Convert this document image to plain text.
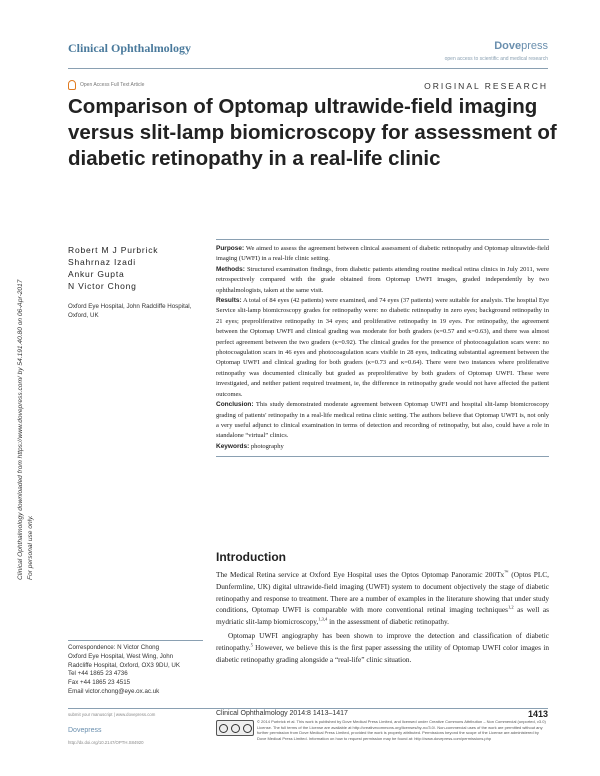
Clinical Ophthalmology	Dovepress
open access to scientific and medical research
Open Access Full Text Article	ORIGINAL RESEARCH
Comparison of Optomap ultrawide-field imaging versus slit-lamp biomicroscopy for assessment of diabetic retinopathy in a real-life clinic
Clinical Ophthalmology downloaded from https://www.dovepress.com/ by 54.191.40.80 on 06-Apr-2017 For personal use only.
Robert M J Purbrick
Shahrnaz Izadi
Ankur Gupta
N Victor Chong
Oxford Eye Hospital, John Radcliffe Hospital, Oxford, UK

Purpose: We aimed to assess the agreement between clinical assessment of diabetic retinopathy and Optomap ultrawide-field imaging (UWFI) in a real-life clinic setting.

Methods: Structured examination findings, from diabetic patients attending routine medical retina clinics in July 2011, were retrospectively compared with the grade obtained from Optomap UWFI images, graded independently by two ophthalmologists, taken at the same visit.

Results: A total of 84 eyes (42 patients) were examined, and 74 eyes (37 patients) were suitable for analysis. The hospital Eye Service slit-lamp biomicroscopy grades for retinopathy were: no diabetic retinopathy in zero eyes; background retinopathy in 21 eyes; preproliferative retinopathy in 34 eyes; and proliferative retinopathy in 19 eyes. For retinopathy, the agreement between the Optomap UWFI and clinical grading was moderate for both graders (κ=0.57 and κ=0.63), and there was almost perfect agreement between the two graders (κ=0.92). The clinical grades for the presence of photocoagulation scars were: no photocoagulation scars in 46 eyes and photocoagulation scars visible in 28 eyes, indicating substantial agreement between the Optomap UWFI and clinical grading for both graders (κ=0.73 and κ=0.64). There were two instances where proliferative retinopathy was documented clinically but graded as preproliferative by both graders of Optomap UWFI. These were investigated, and neither patient required treatment, ie, the difference in retinopathy grade would not have affected the patient outcomes.

Conclusion: This study demonstrated moderate agreement between Optomap UWFI and hospital slit-lamp biomicroscopy grading of patients' retinopathy in a real-life medical retina clinic setting. The authors believe that Optomap UWFI is, not only a very useful adjunct to clinical examination in terms of detection and recording of retinopathy, but also, could have a role in standalone “virtual” clinics.

Keywords: photography

Introduction

The Medical Retina service at Oxford Eye Hospital uses the Optos Optomap Panoramic 200Tx™ (Optos PLC, Dunfermline, UK) digital ultrawide-field imaging (UWFI) system to document objectively the stage of diabetic retinopathy and response to treatment. There are a number of examples in the literature showing that under study conditions, Optomap UWFI is comparable with more conventional retinal imaging techniques$^{1,2}$ as well as mydriatic slit-lamp biomicroscopy,$^{1,3,4}$ in the assessment of diabetic retinopathy.

Optomap UWFI angiography has been shown to improve the detection and classification of diabetic retinopathy.$^5$ However, we believe this is the first paper assessing the utility of Optomap UWFI color images in diabetic retinopathy grading alongside a “real-life” clinic situation.

Correspondence: N Victor Chong
Oxford Eye Hospital, West Wing, John
Radcliffe Hospital, Oxford, OX3 9DU, UK
Tel +44 1865 23 4736
Fax +44 1865 23 4515
Email victor.chong@eye.ox.ac.uk
submit your manuscript | www.dovepress.com	Clinical Ophthalmology 2014:8 1413–1417	1413
Dovepress
http://dx.doi.org/10.2147/OPTH.S84920
© 2014 Purbrick et al. This work is published by Dove Medical Press Limited, and licensed under Creative Commons Attribution – Non Commercial (unported, v3.0) License. The full terms of the License are available at http://creativecommons.org/licenses/by-nc/3.0/. Non-commercial uses of the work are permitted without any further permission from Dove Medical Press Limited, provided the work is properly attributed. Permissions beyond the scope of the License are administered by Dove Medical Press Limited. Information on how to request permission may be found at: http://www.dovepress.com/permissions.php
